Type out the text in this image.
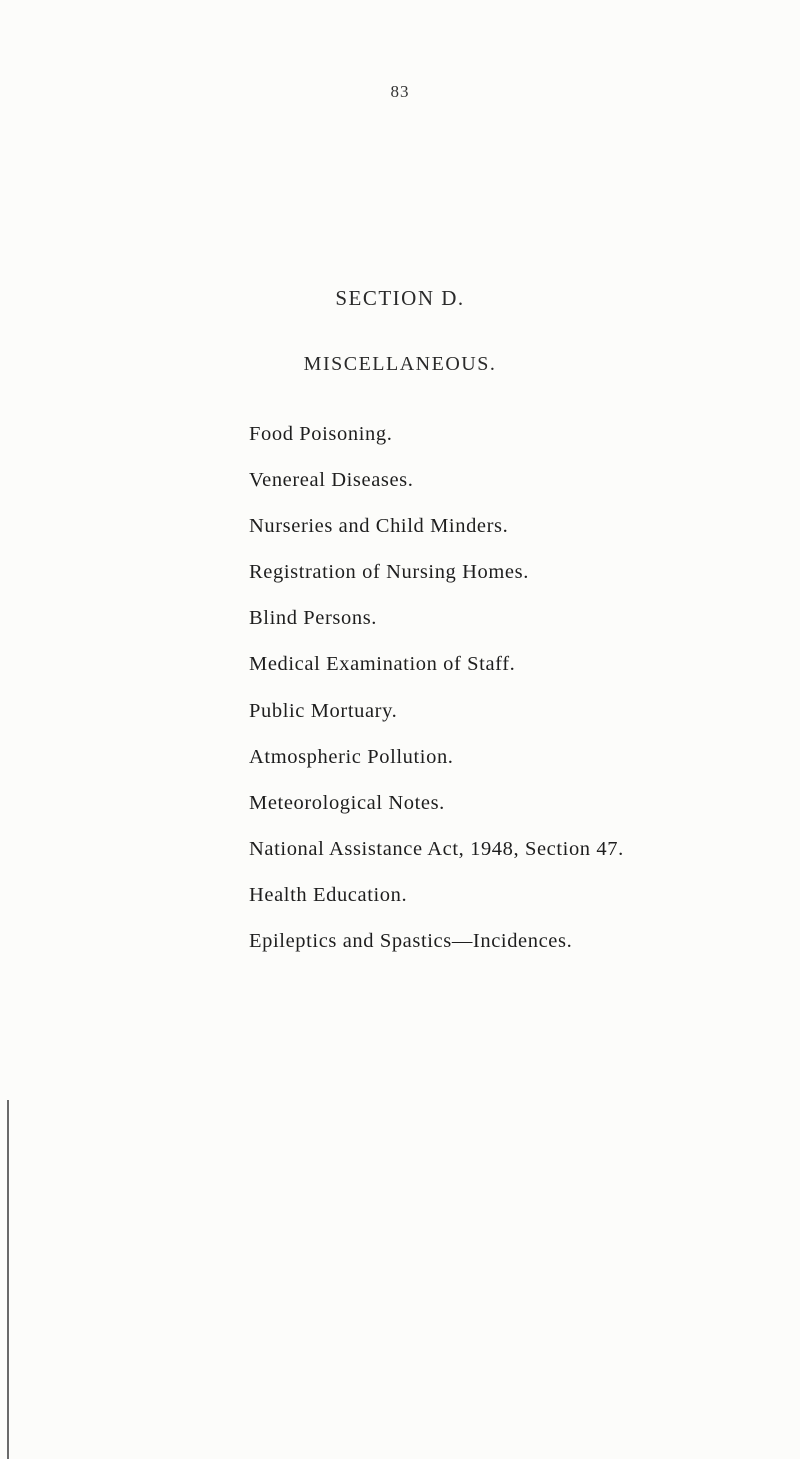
83
SECTION D.
MISCELLANEOUS.
Food Poisoning.
Venereal Diseases.
Nurseries and Child Minders.
Registration of Nursing Homes.
Blind Persons.
Medical Examination of Staff.
Public Mortuary.
Atmospheric Pollution.
Meteorological Notes.
National Assistance Act, 1948, Section 47.
Health Education.
Epileptics and Spastics—Incidences.
